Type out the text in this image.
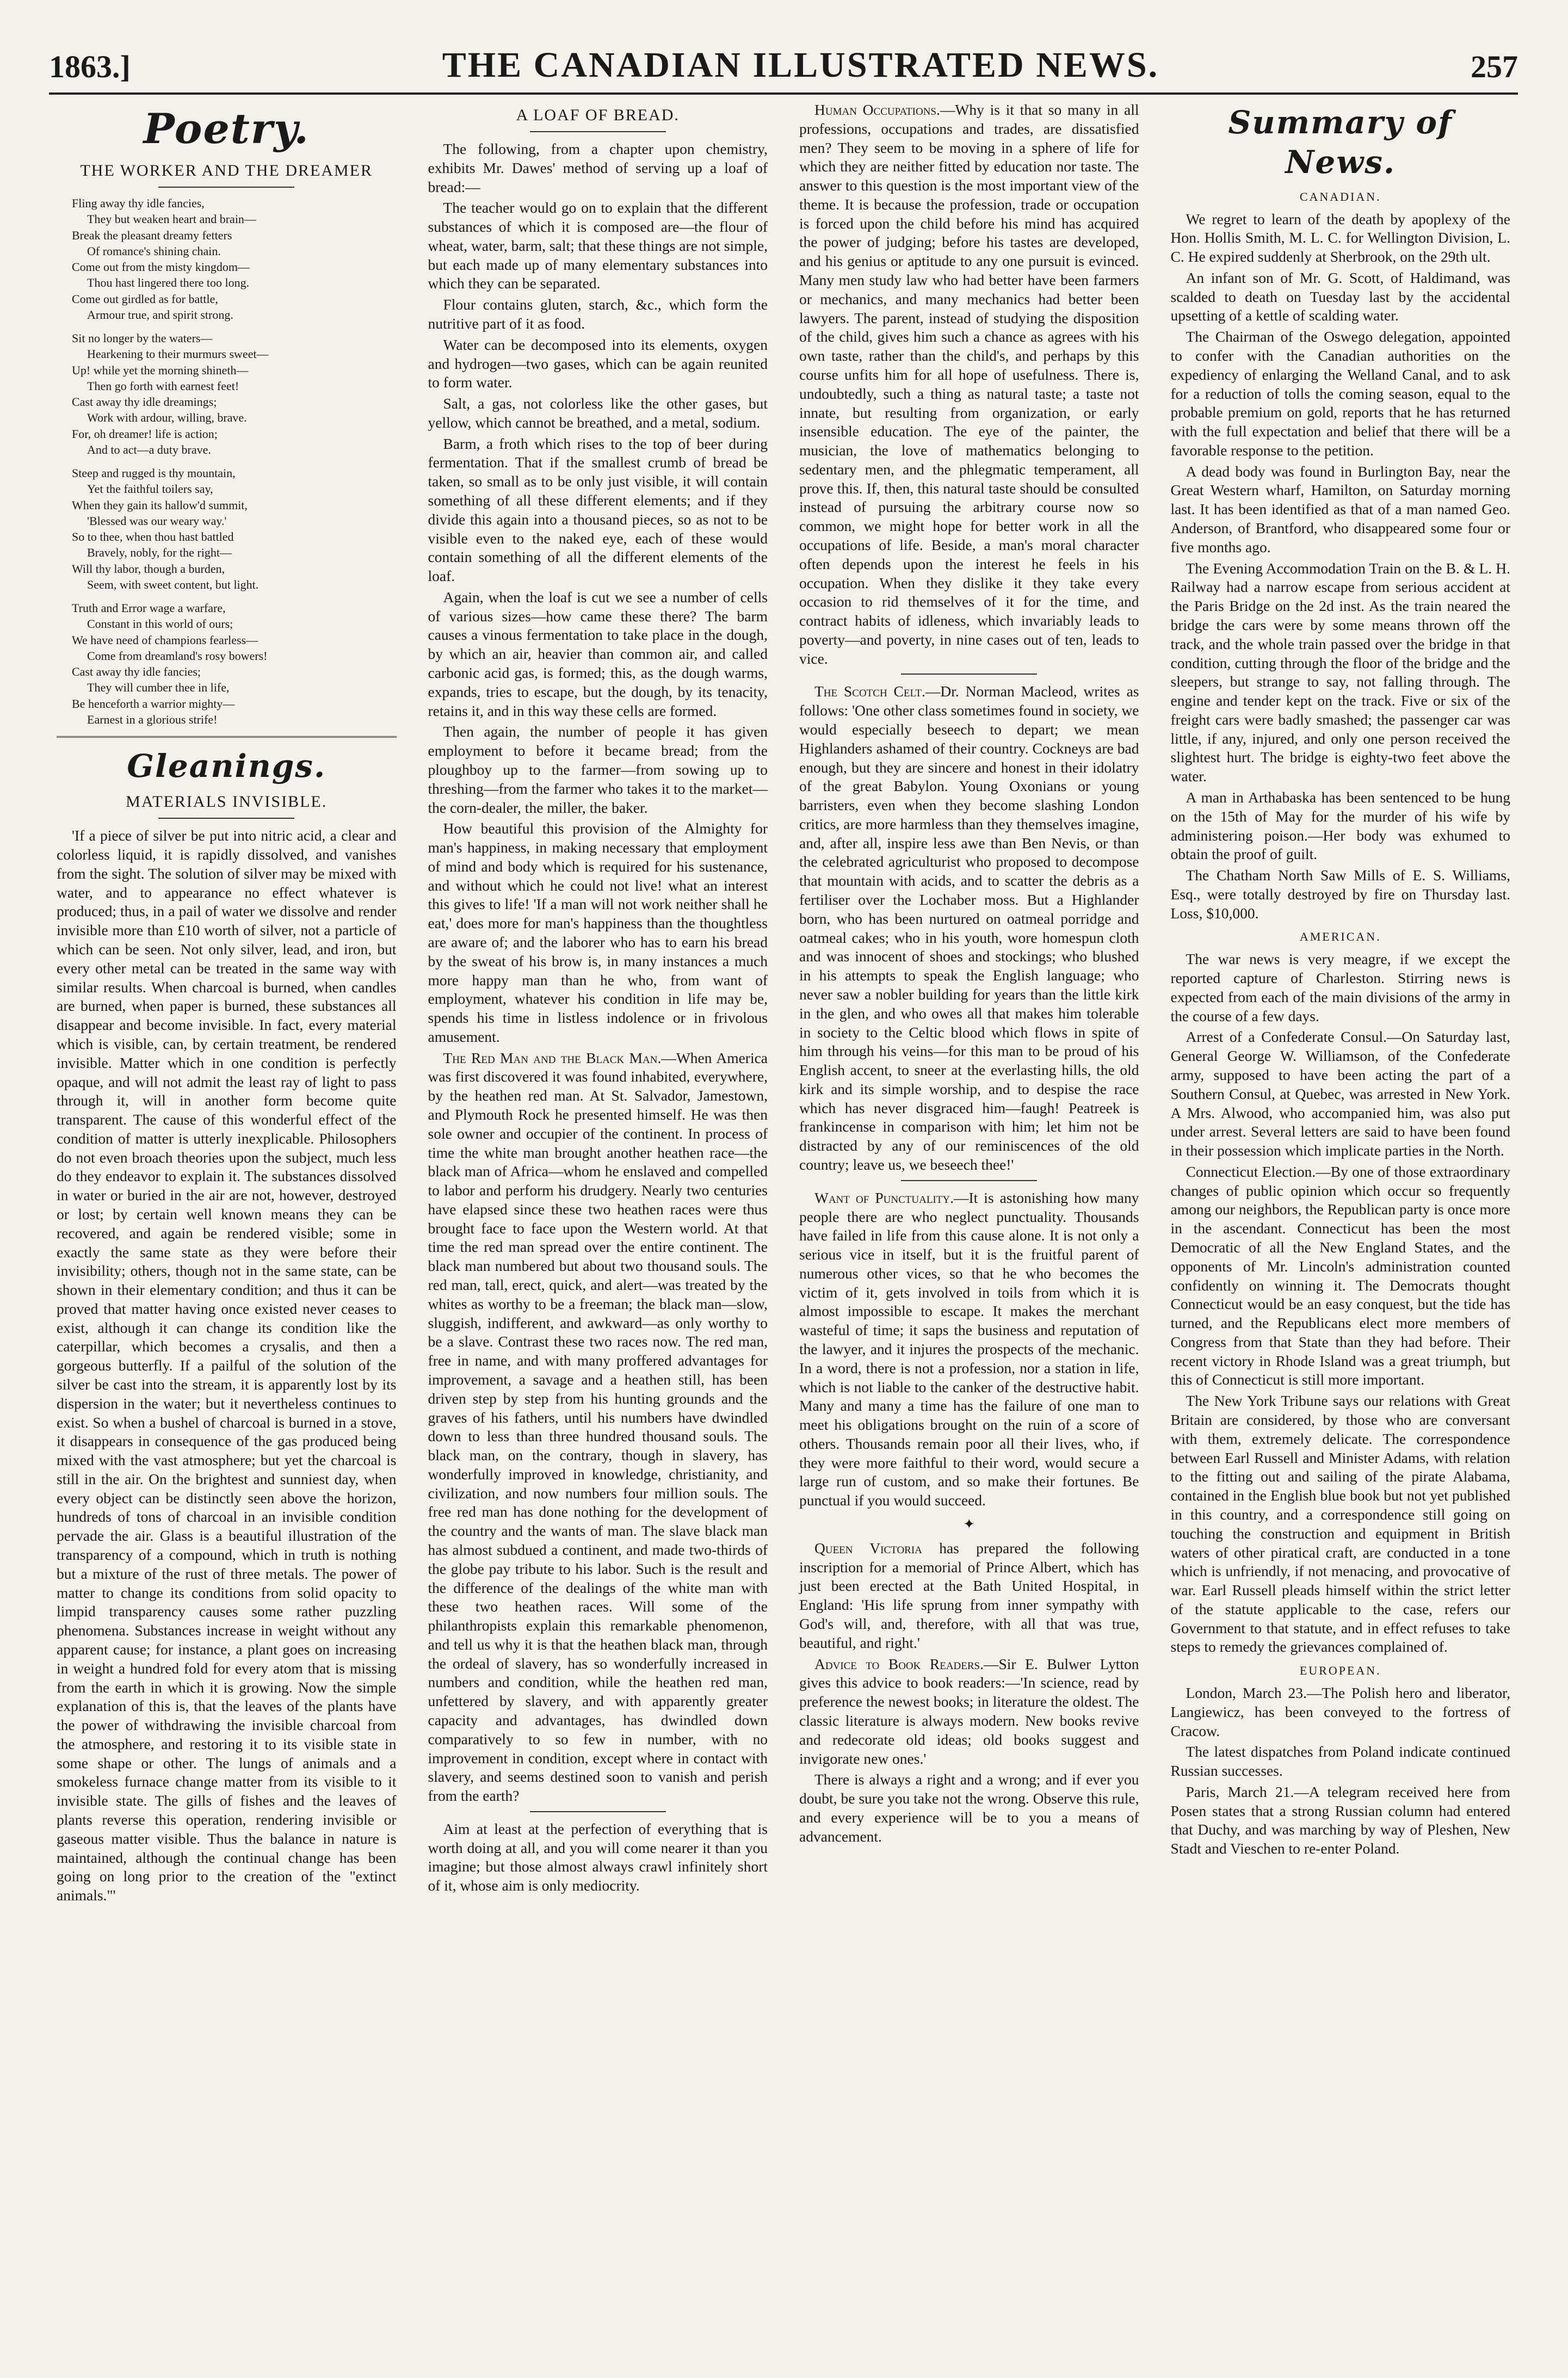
1863.]	THE CANADIAN ILLUSTRATED NEWS.	257
Poetry.
THE WORKER AND THE DREAMER
Fling away thy idle fancies,
They but weaken heart and brain—
Break the pleasant dreamy fetters
Of romance's shining chain.
Come out from the misty kingdom—
Thou hast lingered there too long.
Come out girdled as for battle,
Armour true, and spirit strong.
Sit no longer by the waters—
Hearkening to their murmurs sweet—
Up! while yet the morning shineth—
Then go forth with earnest feet!
Cast away thy idle dreamings;
Work with ardour, willing, brave.
For, oh dreamer! life is action;
And to act—a duty brave.
Steep and rugged is thy mountain,
Yet the faithful toilers say,
When they gain its hallow'd summit,
'Blessed was our weary way.'
So to thee, when thou hast battled
Bravely, nobly, for the right—
Will thy labor, though a burden,
Seem, with sweet content, but light.
Truth and Error wage a warfare,
Constant in this world of ours;
We have need of champions fearless—
Come from dreamland's rosy bowers!
Cast away thy idle fancies;
They will cumber thee in life,
Be henceforth a warrior mighty—
Earnest in a glorious strife!
Gleanings.
MATERIALS INVISIBLE.

'If a piece of silver be put into nitric acid, a clear and colorless liquid, it is rapidly dissolved, and vanishes from the sight. The solution of silver may be mixed with water, and to appearance no effect whatever is produced; thus, in a pail of water we dissolve and render invisible more than £10 worth of silver, not a particle of which can be seen. Not only silver, lead, and iron, but every other metal can be treated in the same way with similar results. When charcoal is burned, when candles are burned, when paper is burned, these substances all disappear and become invisible. In fact, every material which is visible, can, by certain treatment, be rendered invisible. Matter which in one condition is perfectly opaque, and will not admit the least ray of light to pass through it, will in another form become quite transparent. The cause of this wonderful effect of the condition of matter is utterly inexplicable. Philosophers do not even broach theories upon the subject, much less do they endeavor to explain it. The substances dissolved in water or buried in the air are not, however, destroyed or lost; by certain well known means they can be recovered, and again be rendered visible; some in exactly the same state as they were before their invisibility; others, though not in the same state, can be shown in their elementary condition; and thus it can be proved that matter having once existed never ceases to exist, although it can change its condition like the caterpillar, which becomes a crysalis, and then a gorgeous butterfly. If a pailful of the solution of the silver be cast into the stream, it is apparently lost by its dispersion in the water; but it nevertheless continues to exist. So when a bushel of charcoal is burned in a stove, it disappears in consequence of the gas produced being mixed with the vast atmosphere; but yet the charcoal is still in the air. On the brightest and sunniest day, when every object can be distinctly seen above the horizon, hundreds of tons of charcoal in an invisible condition pervade the air. Glass is a beautiful illustration of the transparency of a compound, which in truth is nothing but a mixture of the rust of three metals. The power of matter to change its conditions from solid opacity to limpid transparency causes some rather puzzling phenomena. Substances increase in weight without any apparent cause; for instance, a plant goes on increasing in weight a hundred fold for every atom that is missing from the earth in which it is growing. Now the simple explanation of this is, that the leaves of the plants have the power of withdrawing the invisible charcoal from the atmosphere, and restoring it to its visible state in some shape or other. The lungs of animals and a smokeless furnace change matter from its visible to it invisible state. The gills of fishes and the leaves of plants reverse this operation, rendering invisible or gaseous matter visible. Thus the balance in nature is maintained, although the continual change has been going on long prior to the creation of the "extinct animals."'

A LOAF OF BREAD.

The following, from a chapter upon chemistry, exhibits Mr. Dawes' method of serving up a loaf of bread:—

The teacher would go on to explain that the different substances of which it is composed are—the flour of wheat, water, barm, salt; that these things are not simple, but each made up of many elementary substances into which they can be separated.

Flour contains gluten, starch, &c., which form the nutritive part of it as food.

Water can be decomposed into its elements, oxygen and hydrogen—two gases, which can be again reunited to form water.

Salt, a gas, not colorless like the other gases, but yellow, which cannot be breathed, and a metal, sodium.

Barm, a froth which rises to the top of beer during fermentation. That if the smallest crumb of bread be taken, so small as to be only just visible, it will contain something of all these different elements; and if they divide this again into a thousand pieces, so as not to be visible even to the naked eye, each of these would contain something of all the different elements of the loaf.

Again, when the loaf is cut we see a number of cells of various sizes—how came these there? The barm causes a vinous fermentation to take place in the dough, by which an air, heavier than common air, and called carbonic acid gas, is formed; this, as the dough warms, expands, tries to escape, but the dough, by its tenacity, retains it, and in this way these cells are formed.

Then again, the number of people it has given employment to before it became bread; from the ploughboy up to the farmer—from sowing up to threshing—from the farmer who takes it to the market—the corn-dealer, the miller, the baker.

How beautiful this provision of the Almighty for man's happiness, in making necessary that employment of mind and body which is required for his sustenance, and without which he could not live! what an interest this gives to life! 'If a man will not work neither shall he eat,' does more for man's happiness than the thoughtless are aware of; and the laborer who has to earn his bread by the sweat of his brow is, in many instances a much more happy man than he who, from want of employment, whatever his condition in life may be, spends his time in listless indolence or in frivolous amusement.

The Red Man and the Black Man.—When America was first discovered it was found inhabited, everywhere, by the heathen red man. At St. Salvador, Jamestown, and Plymouth Rock he presented himself. He was then sole owner and occupier of the continent. In process of time the white man brought another heathen race—the black man of Africa—whom he enslaved and compelled to labor and perform his drudgery. Nearly two centuries have elapsed since these two heathen races were thus brought face to face upon the Western world. At that time the red man spread over the entire continent. The black man numbered but about two thousand souls. The red man, tall, erect, quick, and alert—was treated by the whites as worthy to be a freeman; the black man—slow, sluggish, indifferent, and awkward—as only worthy to be a slave. Contrast these two races now. The red man, free in name, and with many proffered advantages for improvement, a savage and a heathen still, has been driven step by step from his hunting grounds and the graves of his fathers, until his numbers have dwindled down to less than three hundred thousand souls. The black man, on the contrary, though in slavery, has wonderfully improved in knowledge, christianity, and civilization, and now numbers four million souls. The free red man has done nothing for the development of the country and the wants of man. The slave black man has almost subdued a continent, and made two-thirds of the globe pay tribute to his labor. Such is the result and the difference of the dealings of the white man with these two heathen races. Will some of the philanthropists explain this remarkable phenomenon, and tell us why it is that the heathen black man, through the ordeal of slavery, has so wonderfully increased in numbers and condition, while the heathen red man, unfettered by slavery, and with apparently greater capacity and advantages, has dwindled down comparatively to so few in number, with no improvement in condition, except where in contact with slavery, and seems destined soon to vanish and perish from the earth?

Aim at least at the perfection of everything that is worth doing at all, and you will come nearer it than you imagine; but those almost always crawl infinitely short of it, whose aim is only mediocrity.

Human Occupations.—Why is it that so many in all professions, occupations and trades, are dissatisfied men? They seem to be moving in a sphere of life for which they are neither fitted by education nor taste. The answer to this question is the most important view of the theme. It is because the profession, trade or occupation is forced upon the child before his mind has acquired the power of judging; before his tastes are developed, and his genius or aptitude to any one pursuit is evinced. Many men study law who had better have been farmers or mechanics, and many mechanics had better been lawyers. The parent, instead of studying the disposition of the child, gives him such a chance as agrees with his own taste, rather than the child's, and perhaps by this course unfits him for all hope of usefulness. There is, undoubtedly, such a thing as natural taste; a taste not innate, but resulting from organization, or early insensible education. The eye of the painter, the musician, the love of mathematics belonging to sedentary men, and the phlegmatic temperament, all prove this. If, then, this natural taste should be consulted instead of pursuing the arbitrary course now so common, we might hope for better work in all the occupations of life. Beside, a man's moral character often depends upon the interest he feels in his occupation. When they dislike it they take every occasion to rid themselves of it for the time, and contract habits of idleness, which invariably leads to poverty—and poverty, in nine cases out of ten, leads to vice.

The Scotch Celt.—Dr. Norman Macleod, writes as follows: 'One other class sometimes found in society, we would especially beseech to depart; we mean Highlanders ashamed of their country. Cockneys are bad enough, but they are sincere and honest in their idolatry of the great Babylon. Young Oxonians or young barristers, even when they become slashing London critics, are more harmless than they themselves imagine, and, after all, inspire less awe than Ben Nevis, or than the celebrated agriculturist who proposed to decompose that mountain with acids, and to scatter the debris as a fertiliser over the Lochaber moss. But a Highlander born, who has been nurtured on oatmeal porridge and oatmeal cakes; who in his youth, wore homespun cloth and was innocent of shoes and stockings; who blushed in his attempts to speak the English language; who never saw a nobler building for years than the little kirk in the glen, and who owes all that makes him tolerable in society to the Celtic blood which flows in spite of him through his veins—for this man to be proud of his English accent, to sneer at the everlasting hills, the old kirk and its simple worship, and to despise the race which has never disgraced him—faugh! Peatreek is frankincense in comparison with him; let him not be distracted by any of our reminiscences of the old country; leave us, we beseech thee!'

Want of Punctuality.—It is astonishing how many people there are who neglect punctuality. Thousands have failed in life from this cause alone. It is not only a serious vice in itself, but it is the fruitful parent of numerous other vices, so that he who becomes the victim of it, gets involved in toils from which it is almost impossible to escape. It makes the merchant wasteful of time; it saps the business and reputation of the lawyer, and it injures the prospects of the mechanic. In a word, there is not a profession, nor a station in life, which is not liable to the canker of the destructive habit. Many and many a time has the failure of one man to meet his obligations brought on the ruin of a score of others. Thousands remain poor all their lives, who, if they were more faithful to their word, would secure a large run of custom, and so make their fortunes. Be punctual if you would succeed.

✦

Queen Victoria has prepared the following inscription for a memorial of Prince Albert, which has just been erected at the Bath United Hospital, in England: 'His life sprung from inner sympathy with God's will, and, therefore, with all that was true, beautiful, and right.'

Advice to Book Readers.—Sir E. Bulwer Lytton gives this advice to book readers:—'In science, read by preference the newest books; in literature the oldest. The classic literature is always modern. New books revive and redecorate old ideas; old books suggest and invigorate new ones.'

There is always a right and a wrong; and if ever you doubt, be sure you take not the wrong. Observe this rule, and every experience will be to you a means of advancement.

Summary of News.
CANADIAN.

We regret to learn of the death by apoplexy of the Hon. Hollis Smith, M. L. C. for Wellington Division, L. C. He expired suddenly at Sherbrook, on the 29th ult.

An infant son of Mr. G. Scott, of Haldimand, was scalded to death on Tuesday last by the accidental upsetting of a kettle of scalding water.

The Chairman of the Oswego delegation, appointed to confer with the Canadian authorities on the expediency of enlarging the Welland Canal, and to ask for a reduction of tolls the coming season, equal to the probable premium on gold, reports that he has returned with the full expectation and belief that there will be a favorable response to the petition.

A dead body was found in Burlington Bay, near the Great Western wharf, Hamilton, on Saturday morning last. It has been identified as that of a man named Geo. Anderson, of Brantford, who disappeared some four or five months ago.

The Evening Accommodation Train on the B. & L. H. Railway had a narrow escape from serious accident at the Paris Bridge on the 2d inst. As the train neared the bridge the cars were by some means thrown off the track, and the whole train passed over the bridge in that condition, cutting through the floor of the bridge and the sleepers, but strange to say, not falling through. The engine and tender kept on the track. Five or six of the freight cars were badly smashed; the passenger car was little, if any, injured, and only one person received the slightest hurt. The bridge is eighty-two feet above the water.

A man in Arthabaska has been sentenced to be hung on the 15th of May for the murder of his wife by administering poison.—Her body was exhumed to obtain the proof of guilt.

The Chatham North Saw Mills of E. S. Williams, Esq., were totally destroyed by fire on Thursday last. Loss, $10,000.

AMERICAN.

The war news is very meagre, if we except the reported capture of Charleston. Stirring news is expected from each of the main divisions of the army in the course of a few days.

Arrest of a Confederate Consul.—On Saturday last, General George W. Williamson, of the Confederate army, supposed to have been acting the part of a Southern Consul, at Quebec, was arrested in New York. A Mrs. Alwood, who accompanied him, was also put under arrest. Several letters are said to have been found in their possession which implicate parties in the North.

Connecticut Election.—By one of those extraordinary changes of public opinion which occur so frequently among our neighbors, the Republican party is once more in the ascendant. Connecticut has been the most Democratic of all the New England States, and the opponents of Mr. Lincoln's administration counted confidently on winning it. The Democrats thought Connecticut would be an easy conquest, but the tide has turned, and the Republicans elect more members of Congress from that State than they had before. Their recent victory in Rhode Island was a great triumph, but this of Connecticut is still more important.

The New York Tribune says our relations with Great Britain are considered, by those who are conversant with them, extremely delicate. The correspondence between Earl Russell and Minister Adams, with relation to the fitting out and sailing of the pirate Alabama, contained in the English blue book but not yet published in this country, and a correspondence still going on touching the construction and equipment in British waters of other piratical craft, are conducted in a tone which is unfriendly, if not menacing, and provocative of war. Earl Russell pleads himself within the strict letter of the statute applicable to the case, refers our Government to that statute, and in effect refuses to take steps to remedy the grievances complained of.

EUROPEAN.

London, March 23.—The Polish hero and liberator, Langiewicz, has been conveyed to the fortress of Cracow.

The latest dispatches from Poland indicate continued Russian successes.

Paris, March 21.—A telegram received here from Posen states that a strong Russian column had entered that Duchy, and was marching by way of Pleshen, New Stadt and Vieschen to re-enter Poland.
